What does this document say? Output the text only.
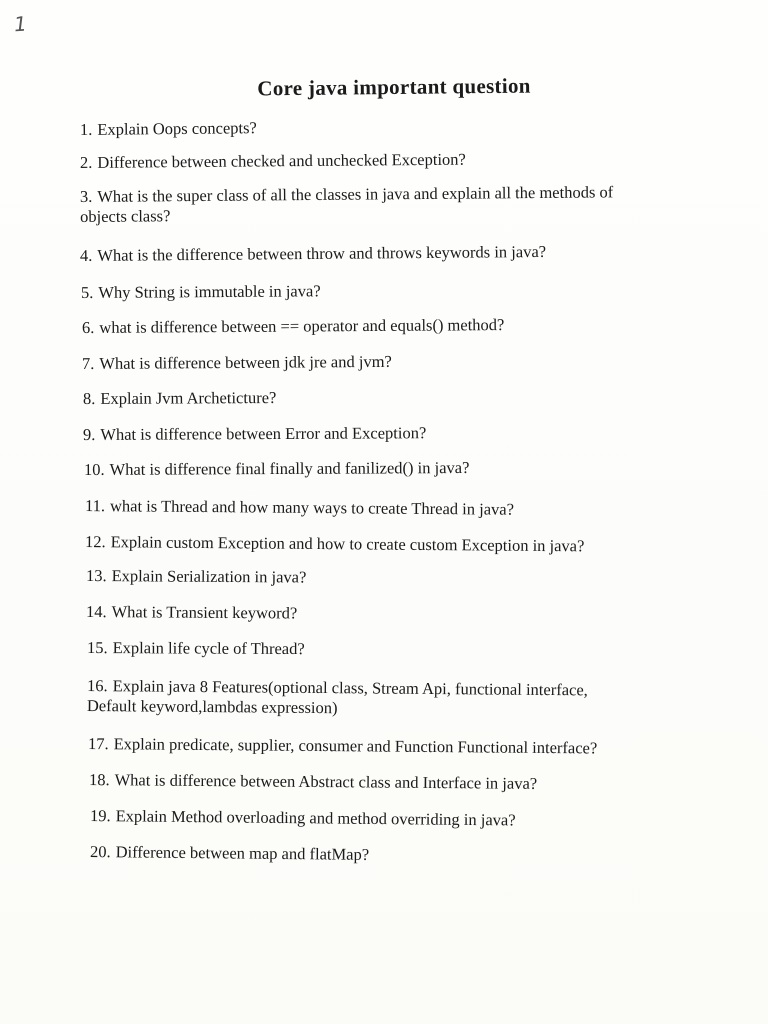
1
Core java important question
1. Explain Oops concepts?
2. Difference between checked and unchecked Exception?
3. What is the super class of all the classes in java and explain all the methods of
objects class?
4. What is the difference between throw and throws keywords in java?
5. Why String is immutable in java?
6. what is difference between == operator and equals() method?
7. What is difference between jdk jre and jvm?
8. Explain Jvm Archeticture?
9. What is difference between Error and Exception?
10. What is difference final finally and fanilized() in java?
11. what is Thread and how many ways to create Thread in java?
12. Explain custom Exception and how to create custom Exception in java?
13. Explain Serialization in java?
14. What is Transient keyword?
15. Explain life cycle of Thread?
16. Explain java 8 Features(optional class, Stream Api, functional interface,
Default keyword,lambdas expression)
17. Explain predicate, supplier, consumer and Function Functional interface?
18. What is difference between Abstract class and Interface in java?
19. Explain Method overloading and method overriding in java?
20. Difference between map and flatMap?
